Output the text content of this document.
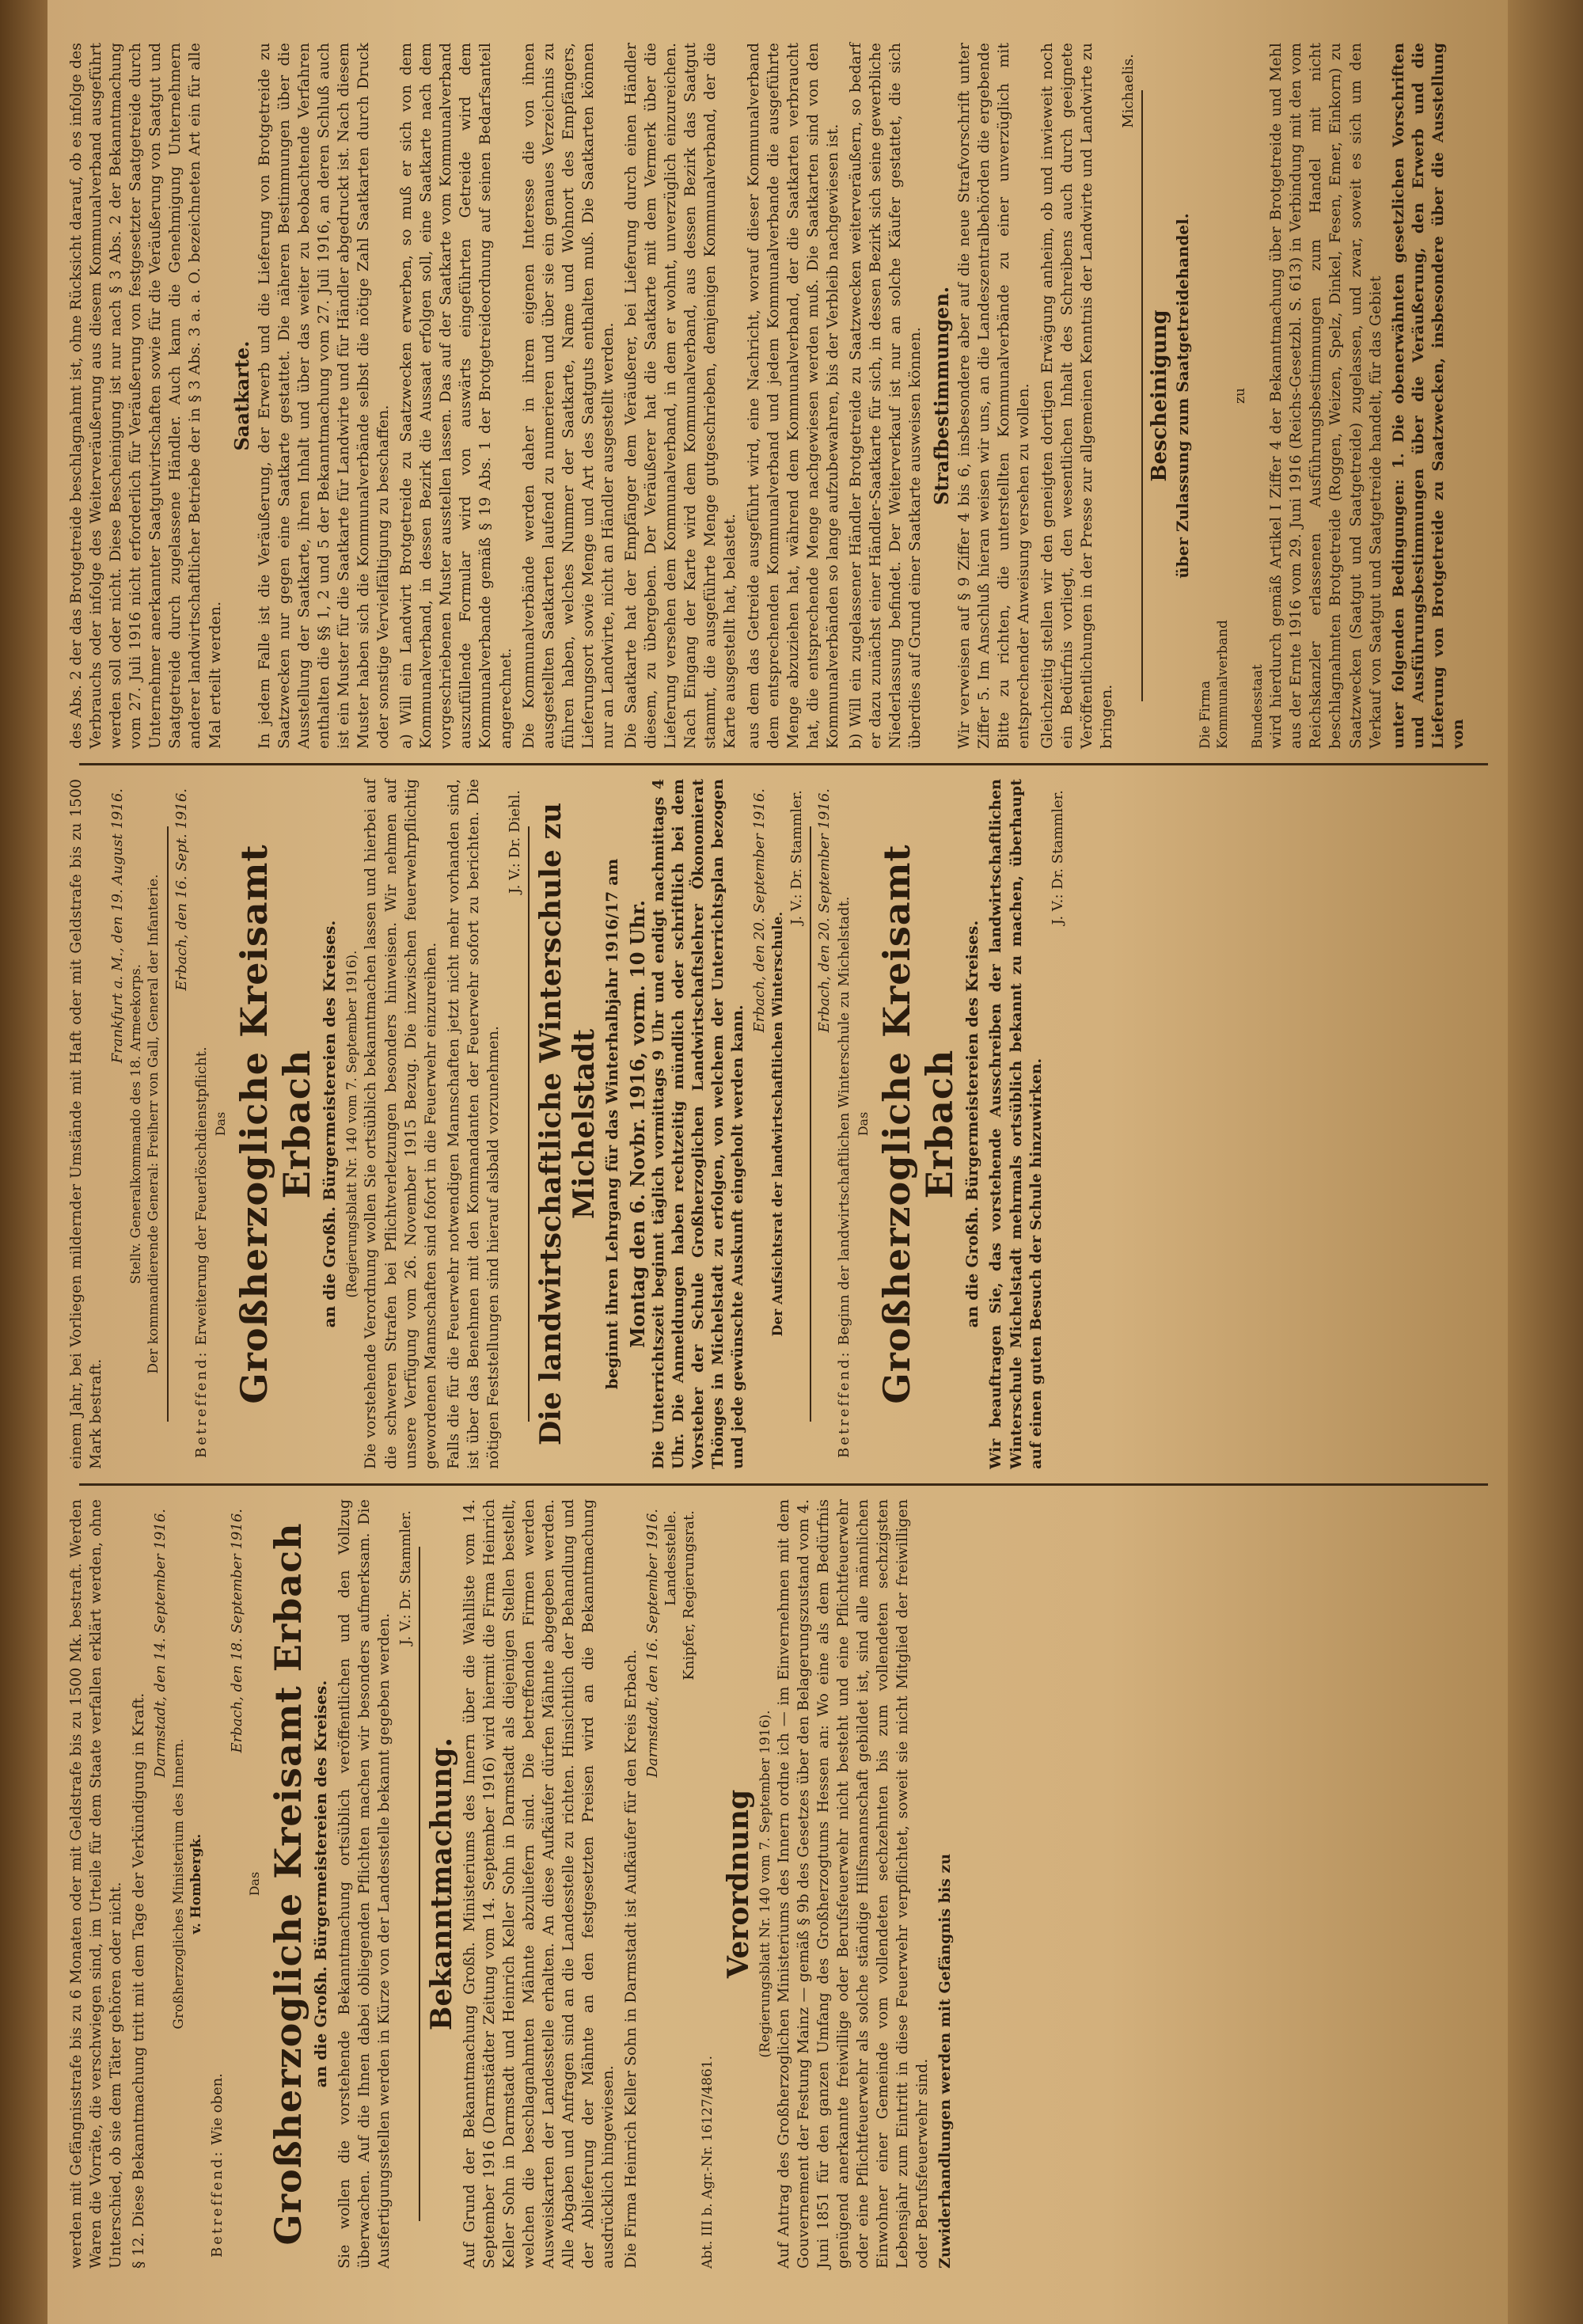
werden mit Gefängnisstrafe bis zu 6 Monaten oder mit Geldstrafe bis zu 1500 Mk. bestraft. Werden Waren die Vorräte, die verschwiegen sind, im Urteile für dem Staate verfallen erklärt werden, ohne Unterschied, ob sie dem Täter gehören oder nicht. § 12. Diese Bekanntmachung tritt mit dem Tage der Verkündigung in Kraft.

Darmstadt, den 14. September 1916.
Großherzogliches Ministerium des Innern. v. Hombergk.
Betreffend: Wie oben.
Erbach, den 18. September 1916.
Das Großherzogliche Kreisamt Erbach an die Großh. Bürgermeistereien des Kreises. Sie wollen die vorstehende Bekanntmachung ortsüblich veröffentlichen und den Vollzug überwachen. Auf die Ihnen dabei obliegenden Pflichten machen wir besonders aufmerksam. Die Ausfertigungsstellen werden in Kürze von der Landesstelle bekannt gegeben werden.

J. V.: Dr. Stammler.
Bekanntmachung. Auf Grund der Bekanntmachung Großh. Ministeriums des Innern über die Wahlliste vom 14. September 1916 (Darmstädter Zeitung vom 14. September 1916) wird hiermit die Firma Heinrich Keller Sohn in Darmstadt und Heinrich Keller Sohn in Darmstadt als diejenigen Stellen bestellt, welchen die beschlagnahmten Mähnte abzuliefern sind. Die betreffenden Firmen werden Ausweiskarten der Landesstelle erhalten. An diese Aufkäufer dürfen Mähnte abgegeben werden. Alle Abgaben und Anfragen sind an die Landesstelle zu richten. Hinsichtlich der Behandlung und der Ablieferung der Mähnte an den festgesetzten Preisen wird an die Bekanntmachung ausdrücklich hingewiesen. Die Firma Heinrich Keller Sohn in Darmstadt ist Aufkäufer für den Kreis Erbach.

Darmstadt, den 16. September 1916. Landesstelle. Knipfer, Regierungsrat.
Abt. III b. Agr.-Nr. 16127/4861.
Verordnung (Regierungsblatt Nr. 140 vom 7. September 1916). Auf Antrag des Großherzoglichen Ministeriums des Innern ordne ich — im Einvernehmen mit dem Gouvernement der Festung Mainz — gemäß § 9b des Gesetzes über den Belagerungszustand vom 4. Juni 1851 für den ganzen Umfang des Großherzogtums Hessen an: Wo eine als dem Bedürfnis genügend anerkannte freiwillige oder Berufsfeuerwehr nicht besteht und eine Pflichtfeuerwehr oder eine Pflichtfeuerwehr als solche ständige Hilfsmannschaft gebildet ist, sind alle männlichen Einwohner einer Gemeinde vom vollendeten sechzehnten bis zum vollendeten sechzigsten Lebensjahr zum Eintritt in diese Feuerwehr verpflichtet, soweit sie nicht Mitglied der freiwilligen oder Berufsfeuerwehr sind. Zuwiderhandlungen werden mit Gefängnis bis zu

einem Jahr, bei Vorliegen mildernder Umstände mit Haft oder mit Geldstrafe bis zu 1500 Mark bestraft.

Frankfurt a. M., den 19. August 1916.
Stellv. Generalkommando des 18. Armeekorps. Der kommandierende General: Freiherr von Gall, General der Infanterie. Erbach, den 16. Sept. 1916.
Betreffend: Erweiterung der Feuerlöschdienstpflicht. Das Großherzogliche Kreisamt Erbach an die Großh. Bürgermeistereien des Kreises. (Regierungsblatt Nr. 140 vom 7. September 1916). Die vorstehende Verordnung wollen Sie ortsüblich bekanntmachen lassen und hierbei auf die schweren Strafen bei Pflichtverletzungen besonders hinweisen. Wir nehmen auf unsere Verfügung vom 26. November 1915 Bezug. Die inzwischen feuerwehrpflichtig gewordenen Mannschaften sind fofort in die Feuerwehr einzureihen. Falls die für die Feuerwehr notwendigen Mannschaften jetzt nicht mehr vorhanden sind, ist über das Benehmen mit den Kommandanten der Feuerwehr sofort zu berichten. Die nötigen Feststellungen sind hierauf alsbald vorzunehmen.

J. V.: Dr. Diehl. Die landwirtschaftliche Winterschule zu Michelstadt beginnt ihren Lehrgang für das Winterhalbjahr 1916/17 am Montag den 6. Novbr. 1916, vorm. 10 Uhr. Die Unterrichtszeit beginnt täglich vormittags 9 Uhr und endigt nachmittags 4 Uhr. Die Anmeldungen haben rechtzeitig mündlich oder schriftlich bei dem Vorsteher der Schule Großherzoglichen Landwirtschaftslehrer Ökonomierat Thönges in Michelstadt zu erfolgen, von welchem der Unterrichtsplan bezogen und jede gewünschte Auskunft eingeholt werden kann.

Erbach, den 20. September 1916.
Der Aufsichtsrat der landwirtschaftlichen Winterschule.
J. V.: Dr. Stammler. Erbach, den 20. September 1916.
Betreffend: Beginn der landwirtschaftlichen Winterschule zu Michelstadt. Das Großherzogliche Kreisamt Erbach an die Großh. Bürgermeistereien des Kreises. Wir beauftragen Sie, das vorstehende Ausschreiben der landwirtschaftlichen Winterschule Michelstadt mehrmals ortsüblich bekannt zu machen, überhaupt auf einen guten Besuch der Schule hinzuwirken.

J. V.: Dr. Stammler.

des Abs. 2 der das Brotgetreide beschlagnahmt ist, ohne Rücksicht darauf, ob es infolge des Verbrauchs oder infolge des Weiterveräußerung aus diesem Kommunalverband ausgeführt werden soll oder nicht. Diese Bescheinigung ist nur nach § 3 Abs. 2 der Bekanntmachung vom 27. Juli 1916 nicht erforderlich für Veräußerung von festgesetzter Saatgetreide durch Unternehmer anerkannter Saatgutwirtschaften sowie für die Veräußerung von Saatgut und Saatgetreide durch zugelassene Händler. Auch kann die Genehmigung Unternehmern anderer landwirtschaftlicher Betriebe der in § 3 Abs. 3 a. a. O. bezeichneten Art ein für alle Mal erteilt werden.

Saatkarte. In jedem Falle ist die Veräußerung, der Erwerb und die Lieferung von Brotgetreide zu Saatzwecken nur gegen eine Saatkarte gestattet. Die näheren Bestimmungen über die Ausstellung der Saatkarte, ihren Inhalt und über das weiter zu beobachtende Verfahren enthalten die §§ 1, 2 und 5 der Bekanntmachung vom 27. Juli 1916, an deren Schluß auch ist ein Muster für die Saatkarte für Landwirte und für Händler abgedruckt ist. Nach diesem Muster haben sich die Kommunalverbände selbst die nötige Zahl Saatkarten durch Druck oder sonstige Vervielfältigung zu beschaffen. a) Will ein Landwirt Brotgetreide zu Saatzwecken erwerben, so muß er sich von dem Kommunalverband, in dessen Bezirk die Aussaat erfolgen soll, eine Saatkarte nach dem vorgeschriebenen Muster ausstellen lassen. Das auf der Saatkarte vom Kommunalverband auszufüllende Formular wird von auswärts eingeführten Getreide wird dem Kommunalverbande gemäß § 19 Abs. 1 der Brotgetreideordnung auf seinen Bedarfsanteil angerechnet. Die Kommunalverbände werden daher in ihrem eigenen Interesse die von ihnen ausgestellten Saatkarten laufend zu numerieren und über sie ein genaues Verzeichnis zu führen haben, welches Nummer der Saatkarte, Name und Wohnort des Empfängers, Lieferungsort sowie Menge und Art des Saatguts enthalten muß. Die Saatkarten können nur an Landwirte, nicht an Händler ausgestellt werden. Die Saatkarte hat der Empfänger dem Veräußerer, bei Lieferung durch einen Händler diesem, zu übergeben. Der Veräußerer hat die Saatkarte mit dem Vermerk über die Lieferung versehen dem Kommunalverband, in dem er wohnt, unverzüglich einzureichen. Nach Eingang der Karte wird dem Kommunalverband, aus dessen Bezirk das Saatgut stammt, die ausgeführte Menge gutgeschrieben, demjenigen Kommunalverband, der die Karte ausgestellt hat, belastet. aus dem das Getreide ausgeführt wird, eine Nachricht, worauf dieser Kommunalverband dem entsprechenden Kommunalverband und jedem Kommunalverbande die ausgeführte Menge abzuziehen hat, während dem Kommunalverband, der die Saatkarten verbraucht hat, die entsprechende Menge nachgewiesen werden muß. Die Saatkarten sind von den Kommunalverbänden so lange aufzubewahren, bis der Verbleib nachgewiesen ist. b) Will ein zugelassener Händler Brotgetreide zu Saatzwecken weiterveräußern, so bedarf er dazu zunächst einer Händler-Saatkarte für sich, in dessen Bezirk sich seine gewerbliche Niederlassung befindet. Der Weiterverkauf ist nur an solche Käufer gestattet, die sich überdies auf Grund einer Saatkarte ausweisen können. Strafbestimmungen. Wir verweisen auf § 9 Ziffer 4 bis 6, insbesondere aber auf die neue Strafvorschrift unter Ziffer 5. Im Anschluß hieran weisen wir uns, an die Landeszentralbehörden die ergebende Bitte zu richten, die unterstellten Kommunalverbände zu einer unverzüglich mit entsprechender Anweisung versehen zu wollen. Gleichzeitig stellen wir den geneigten dortigen Erwägung anheim, ob und inwieweit noch ein Bedürfnis vorliegt, den wesentlichen Inhalt des Schreibens auch durch geeignete Veröffentlichungen in der Presse zur allgemeinen Kenntnis der Landwirte und Landwirte zu bringen.

Michaelis.
Bescheinigung über Zulassung zum Saatgetreidehandel.
Die Firma Kommunalverband
zu
Bundesstaat wird hierdurch gemäß Artikel I Ziffer 4 der Bekanntmachung über Brotgetreide und Mehl aus der Ernte 1916 vom 29. Juni 1916 (Reichs-Gesetzbl. S. 613) in Verbindung mit den vom Reichskanzler erlassenen Ausführungsbestimmungen zum Handel mit nicht beschlagnahmten Brotgetreide (Roggen, Weizen, Spelz, Dinkel, Fesen, Emer, Einkorn) zu Saatzwecken (Saatgut und Saatgetreide) zugelassen, und zwar, soweit es sich um den Verkauf von Saatgut und Saatgetreide handelt, für das Gebiet unter folgenden Bedingungen: 1. Die obenerwähnten gesetzlichen Vorschriften und Ausführungsbestimmungen über die Veräußerung, den Erwerb und die Lieferung von Brotgetreide zu Saatzwecken, insbesondere über die Ausstellung von
